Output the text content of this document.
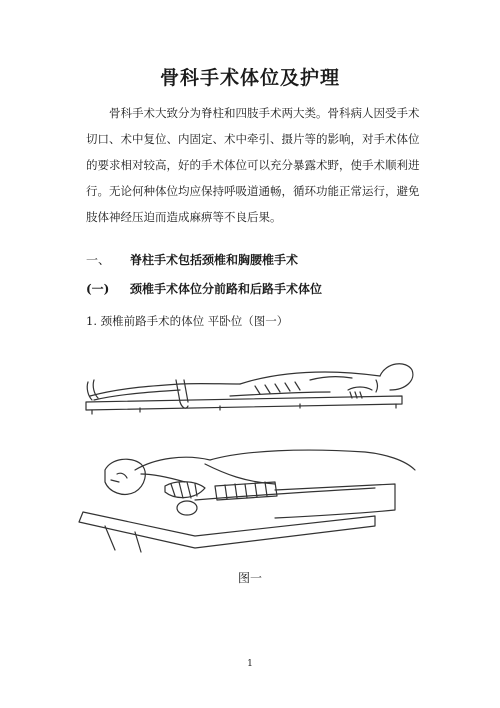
骨科手术体位及护理

骨科手术大致分为脊柱和四肢手术两大类。骨科病人因受手术
切口、术中复位、内固定、术中牵引、摄片等的影响，对手术体位
的要求相对较高，好的手术体位可以充分暴露术野，使手术顺利进
行。无论何种体位均应保持呼吸道通畅，循环功能正常运行，避免
肢体神经压迫而造成麻痹等不良后果。

一、 脊柱手术包括颈椎和胸腰椎手术
(一) 颈椎手术体位分前路和后路手术体位
1. 颈椎前路手术的体位 平卧位（图一）
图一
1
